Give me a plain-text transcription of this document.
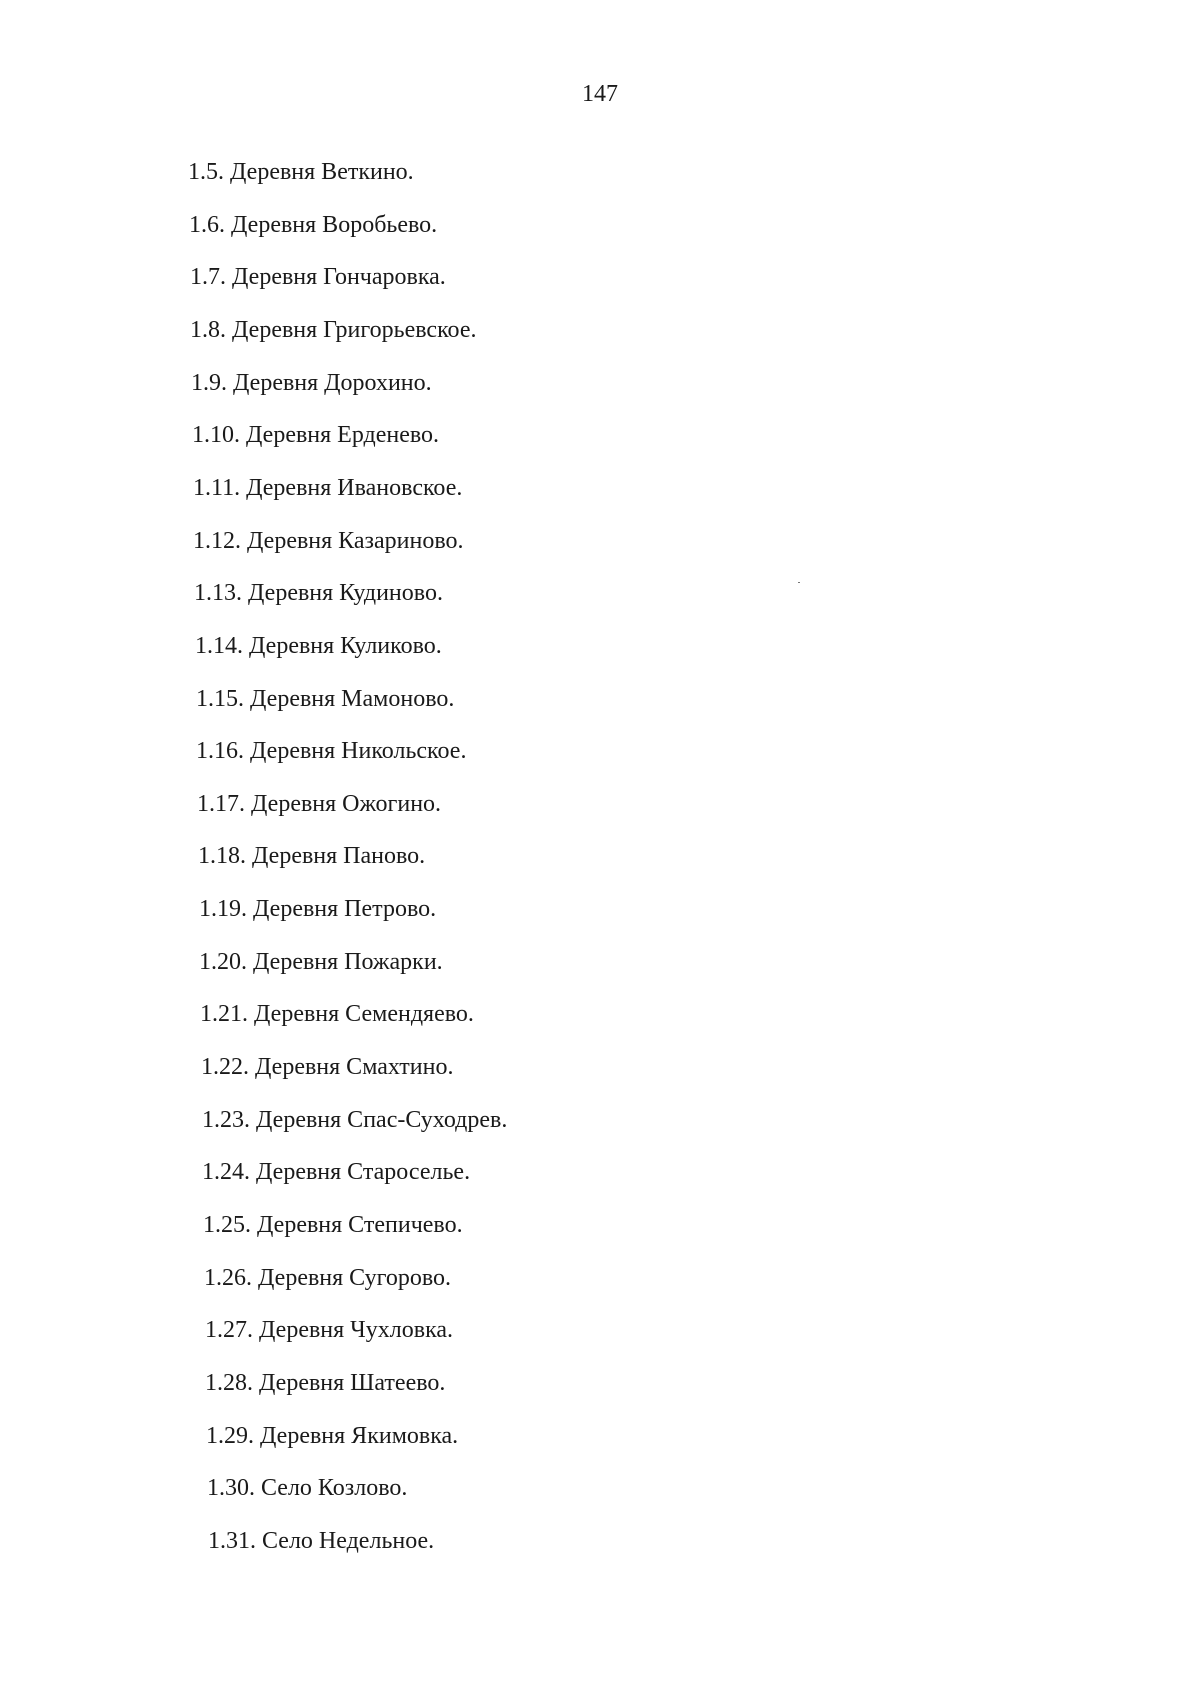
147
1.5. Деревня Веткино.
1.6. Деревня Воробьево.
1.7. Деревня Гончаровка.
1.8. Деревня Григорьевское.
1.9. Деревня Дорохино.
1.10. Деревня Ерденево.
1.11. Деревня Ивановское.
1.12. Деревня Казариново.
1.13. Деревня Кудиново.
1.14. Деревня Куликово.
1.15. Деревня Мамоново.
1.16. Деревня Никольское.
1.17. Деревня Ожогино.
1.18. Деревня Паново.
1.19. Деревня Петрово.
1.20. Деревня Пожарки.
1.21. Деревня Семендяево.
1.22. Деревня Смахтино.
1.23. Деревня Спас-Суходрев.
1.24. Деревня Староселье.
1.25. Деревня Степичево.
1.26. Деревня Сугорово.
1.27. Деревня Чухловка.
1.28. Деревня Шатеево.
1.29. Деревня Якимовка.
1.30. Село Козлово.
1.31. Село Недельное.
